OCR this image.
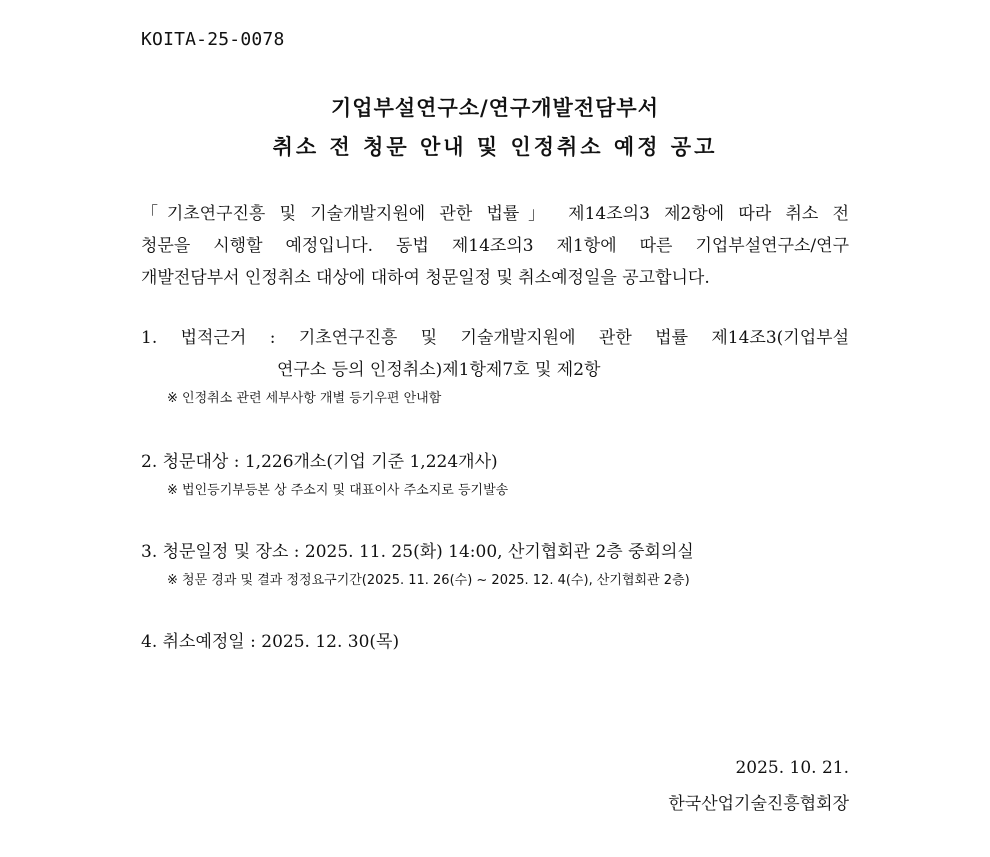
KOITA-25-0078
기업부설연구소/연구개발전담부서
취소 전 청문 안내 및 인정취소 예정 공고
「기초연구진흥 및 기술개발지원에 관한 법률」 제14조의3 제2항에 따라 취소 전
청문을 시행할 예정입니다. 동법 제14조의3 제1항에 따른 기업부설연구소/연구
개발전담부서 인정취소 대상에 대하여 청문일정 및 취소예정일을 공고합니다.
1. 법적근거 : 기초연구진흥 및 기술개발지원에 관한 법률 제14조3(기업부설
연구소 등의 인정취소)제1항제7호 및 제2항
※ 인정취소 관련 세부사항 개별 등기우편 안내함
2. 청문대상 : 1,226개소(기업 기준 1,224개사)
※ 법인등기부등본 상 주소지 및 대표이사 주소지로 등기발송
3. 청문일정 및 장소 : 2025. 11. 25(화) 14:00, 산기협회관 2층 중회의실
※ 청문 경과 및 결과 정정요구기간(2025. 11. 26(수) ~ 2025. 12. 4(수), 산기협회관 2층)
4. 취소예정일 : 2025. 12. 30(목)
2025. 10. 21.
한국산업기술진흥협회장
